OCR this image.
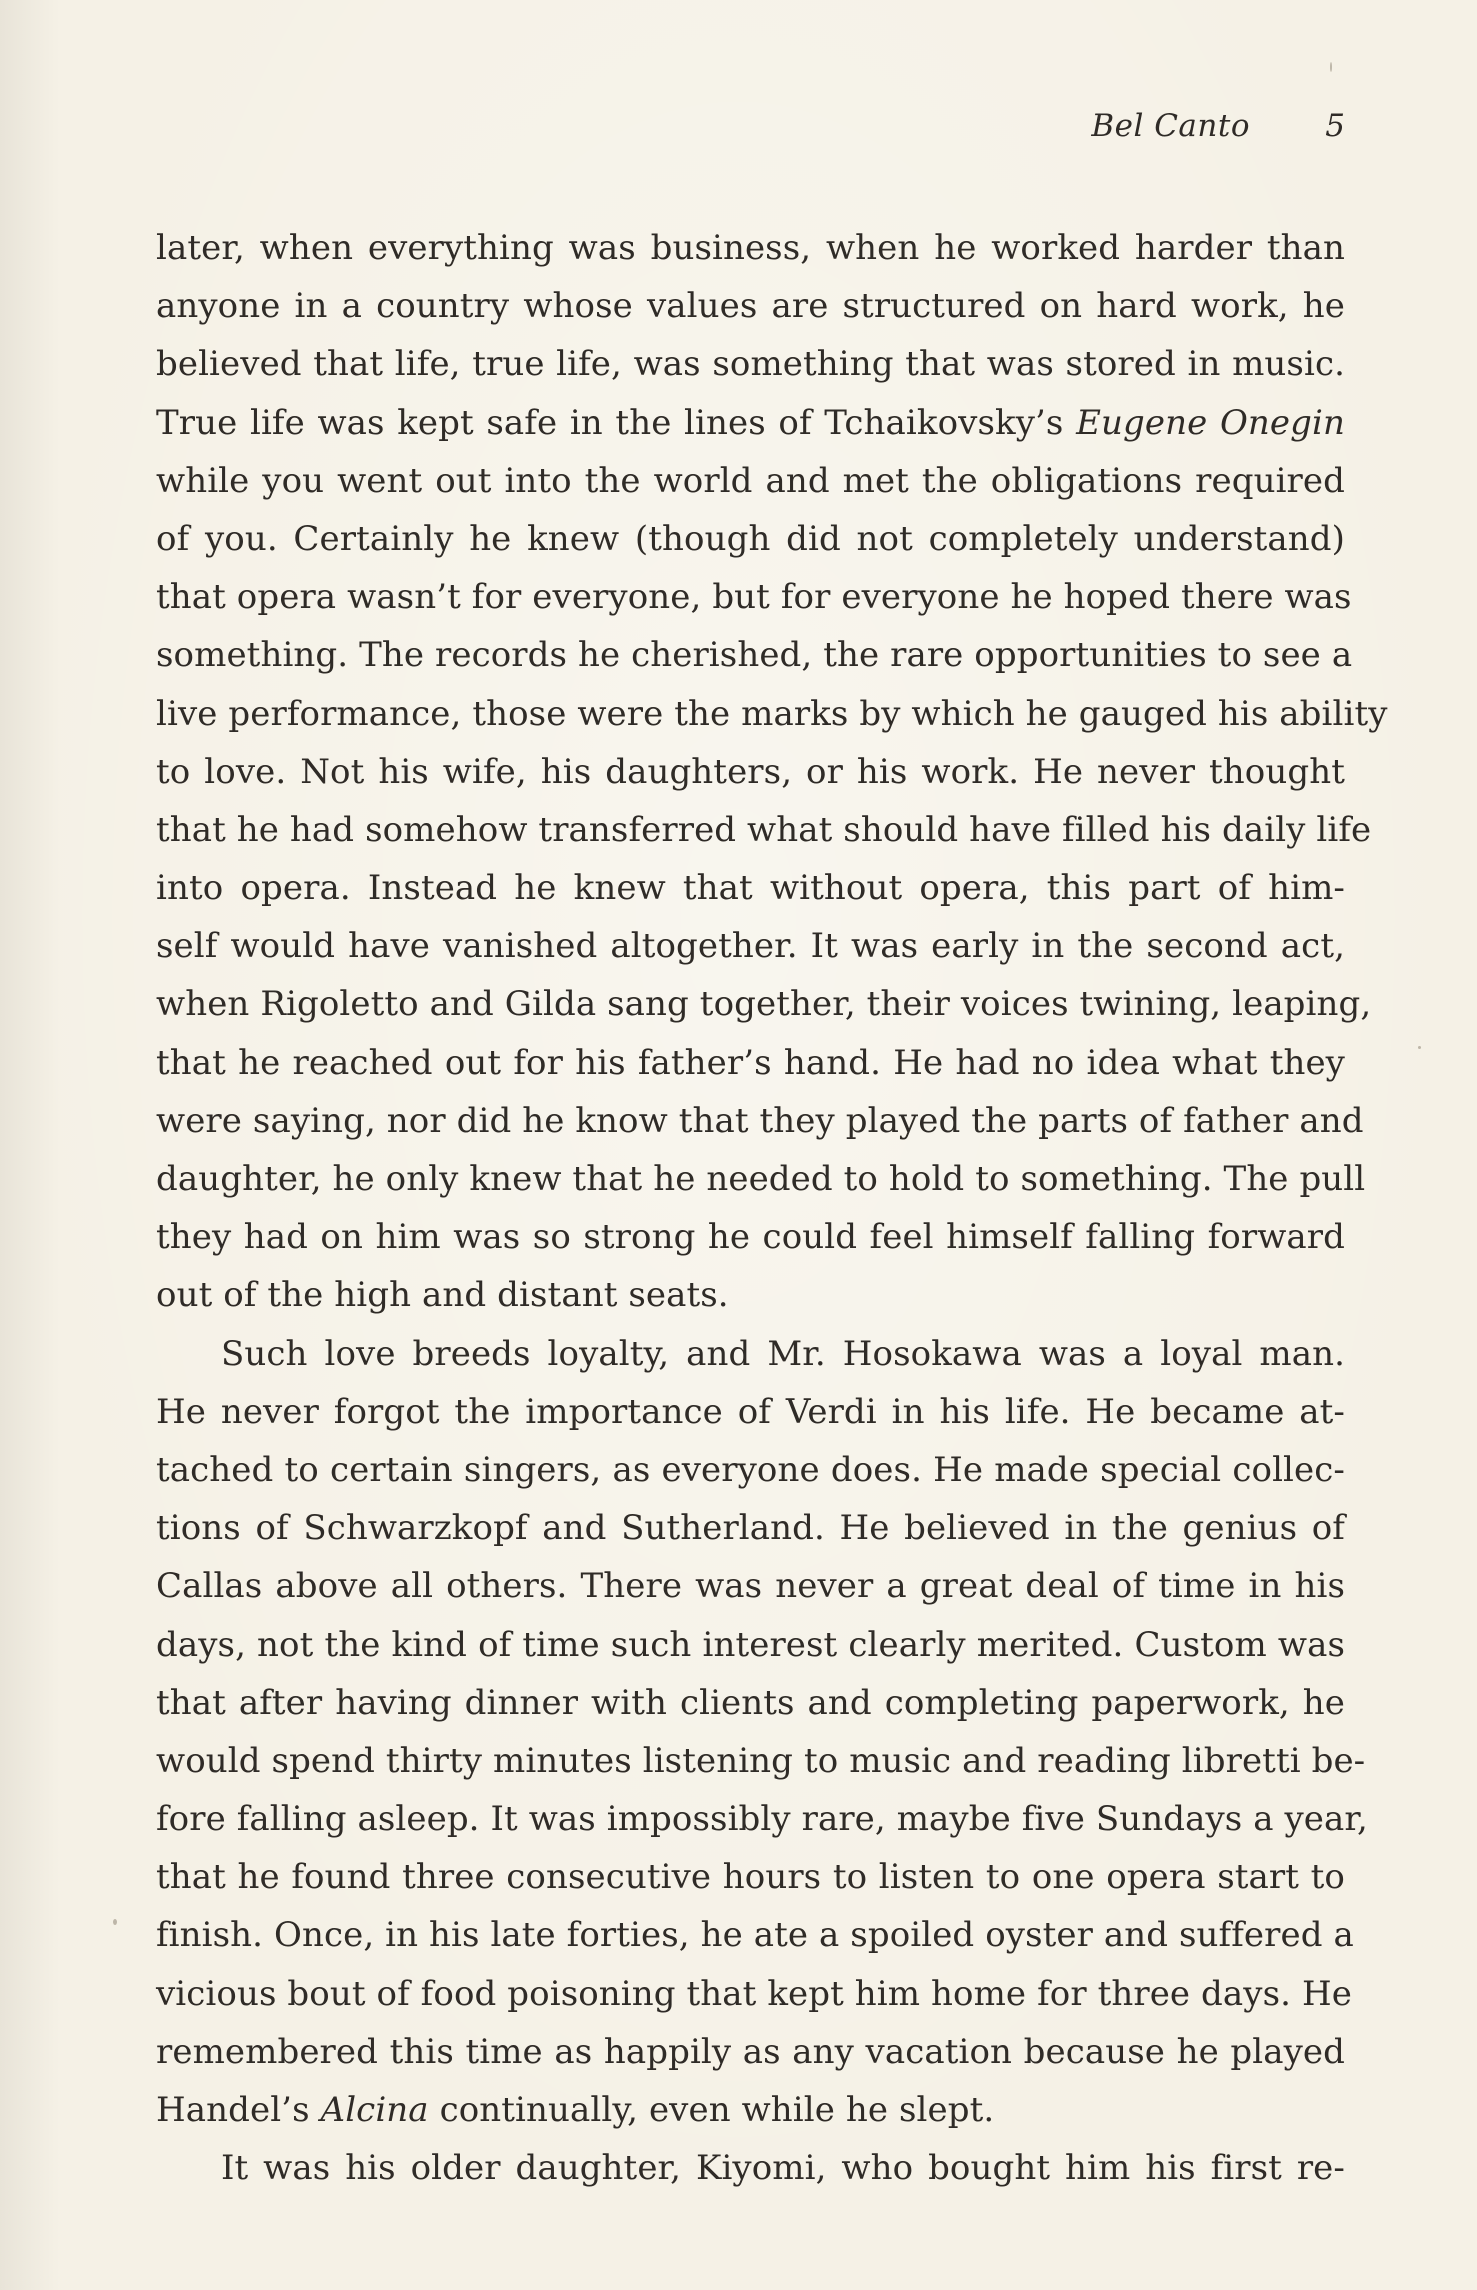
Bel Canto 5
later, when everything was business, when he worked harder than
anyone in a country whose values are structured on hard work, he
believed that life, true life, was something that was stored in music.
True life was kept safe in the lines of Tchaikovsky’s Eugene Onegin
while you went out into the world and met the obligations required
of you. Certainly he knew (though did not completely understand)
that opera wasn’t for everyone, but for everyone he hoped there was
something. The records he cherished, the rare opportunities to see a
live performance, those were the marks by which he gauged his ability
to love. Not his wife, his daughters, or his work. He never thought
that he had somehow transferred what should have filled his daily life
into opera. Instead he knew that without opera, this part of him-
self would have vanished altogether. It was early in the second act,
when Rigoletto and Gilda sang together, their voices twining, leaping,
that he reached out for his father’s hand. He had no idea what they
were saying, nor did he know that they played the parts of father and
daughter, he only knew that he needed to hold to something. The pull
they had on him was so strong he could feel himself falling forward
out of the high and distant seats.
Such love breeds loyalty, and Mr. Hosokawa was a loyal man.
He never forgot the importance of Verdi in his life. He became at-
tached to certain singers, as everyone does. He made special collec-
tions of Schwarzkopf and Sutherland. He believed in the genius of
Callas above all others. There was never a great deal of time in his
days, not the kind of time such interest clearly merited. Custom was
that after having dinner with clients and completing paperwork, he
would spend thirty minutes listening to music and reading libretti be-
fore falling asleep. It was impossibly rare, maybe five Sundays a year,
that he found three consecutive hours to listen to one opera start to
finish. Once, in his late forties, he ate a spoiled oyster and suffered a
vicious bout of food poisoning that kept him home for three days. He
remembered this time as happily as any vacation because he played
Handel’s Alcina continually, even while he slept.
It was his older daughter, Kiyomi, who bought him his first re-
